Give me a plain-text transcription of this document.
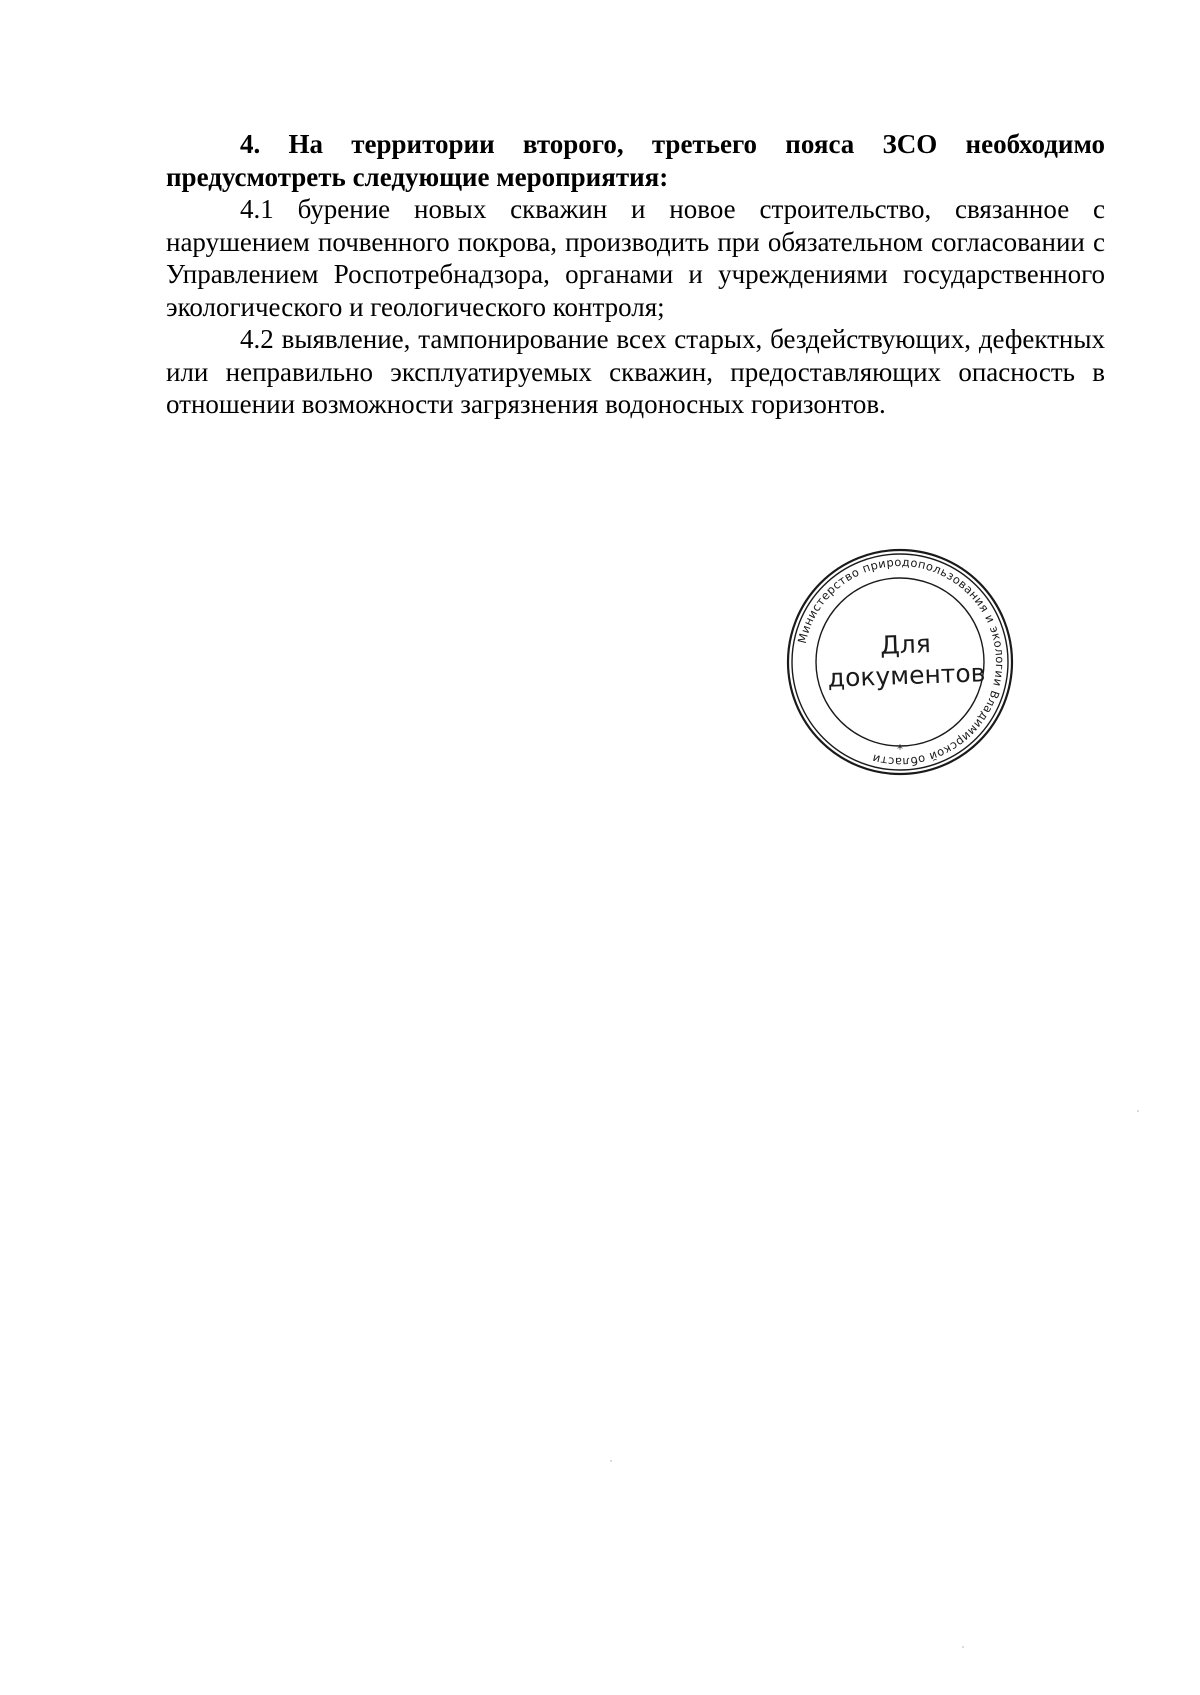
4. На территории второго, третьего пояса ЗСО необходимо предусмотреть следующие мероприятия:

4.1 бурение новых скважин и новое строительство, связанное с нарушением почвенного покрова, производить при обязательном согласовании с Управлением Роспотребнадзора, органами и учреждениями государственного экологического и геологического контроля;

4.2 выявление, тампонирование всех старых, бездействующих, дефектных или неправильно эксплуатируемых скважин, предоставляющих опасность в отношении возможности загрязнения водоносных горизонтов.

Министерство природопользования и экологии Владимирской области
*
Для
документов
